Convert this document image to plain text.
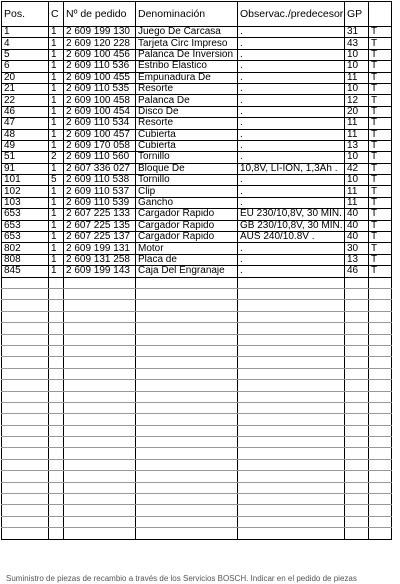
Pos.	C	Nº de pedido	Denominación	Observac./predecesor	GP	
1	1	2 609 199 130	Juego De Carcasa	.	31	T
4	1	2 609 120 228	Tarjeta Circ Impreso	.	43	T
5	1	2 609 100 456	Palanca De Inversion	.	10	T
6	1	2 609 110 536	Estribo Elastico	.	10	T
20	1	2 609 100 455	Empunadura De	.	11	T
21	1	2 609 110 535	Resorte	.	10	T
22	1	2 609 100 458	Palanca De	.	12	T
46	1	2 609 100 454	Disco De	.	20	T
47	1	2 609 110 534	Resorte	.	11	T
48	1	2 609 100 457	Cubierta	.	11	T
49	1	2 609 170 058	Cubierta	.	13	T
51	2	2 609 110 560	Tornillo	.	10	T
91	1	2 607 336 027	Bloque De	10,8V, LI-ION, 1,3Ah .	42	T
101	5	2 609 110 538	Tornillo	.	10	T
102	1	2 609 110 537	Clip	.	11	T
103	1	2 609 110 539	Gancho	.	11	T
653	1	2 607 225 133	Cargador Rapido	EU 230/10,8V, 30 MIN.	40	T
653	1	2 607 225 135	Cargador Rapido	GB 230/10,8V, 30 MIN.	40	T
653	1	2 607 225 137	Cargador Rapido	AUS 240/10.8V .	40	T
802	1	2 609 199 131	Motor	.	30	T
808	1	2 609 131 258	Placa de	.	13	T
845	1	2 609 199 143	Caja Del Engranaje	.	46	T

Suministro de piezas de recambio a través de los Servicios BOSCH. Indicar en el pedido de piezas
